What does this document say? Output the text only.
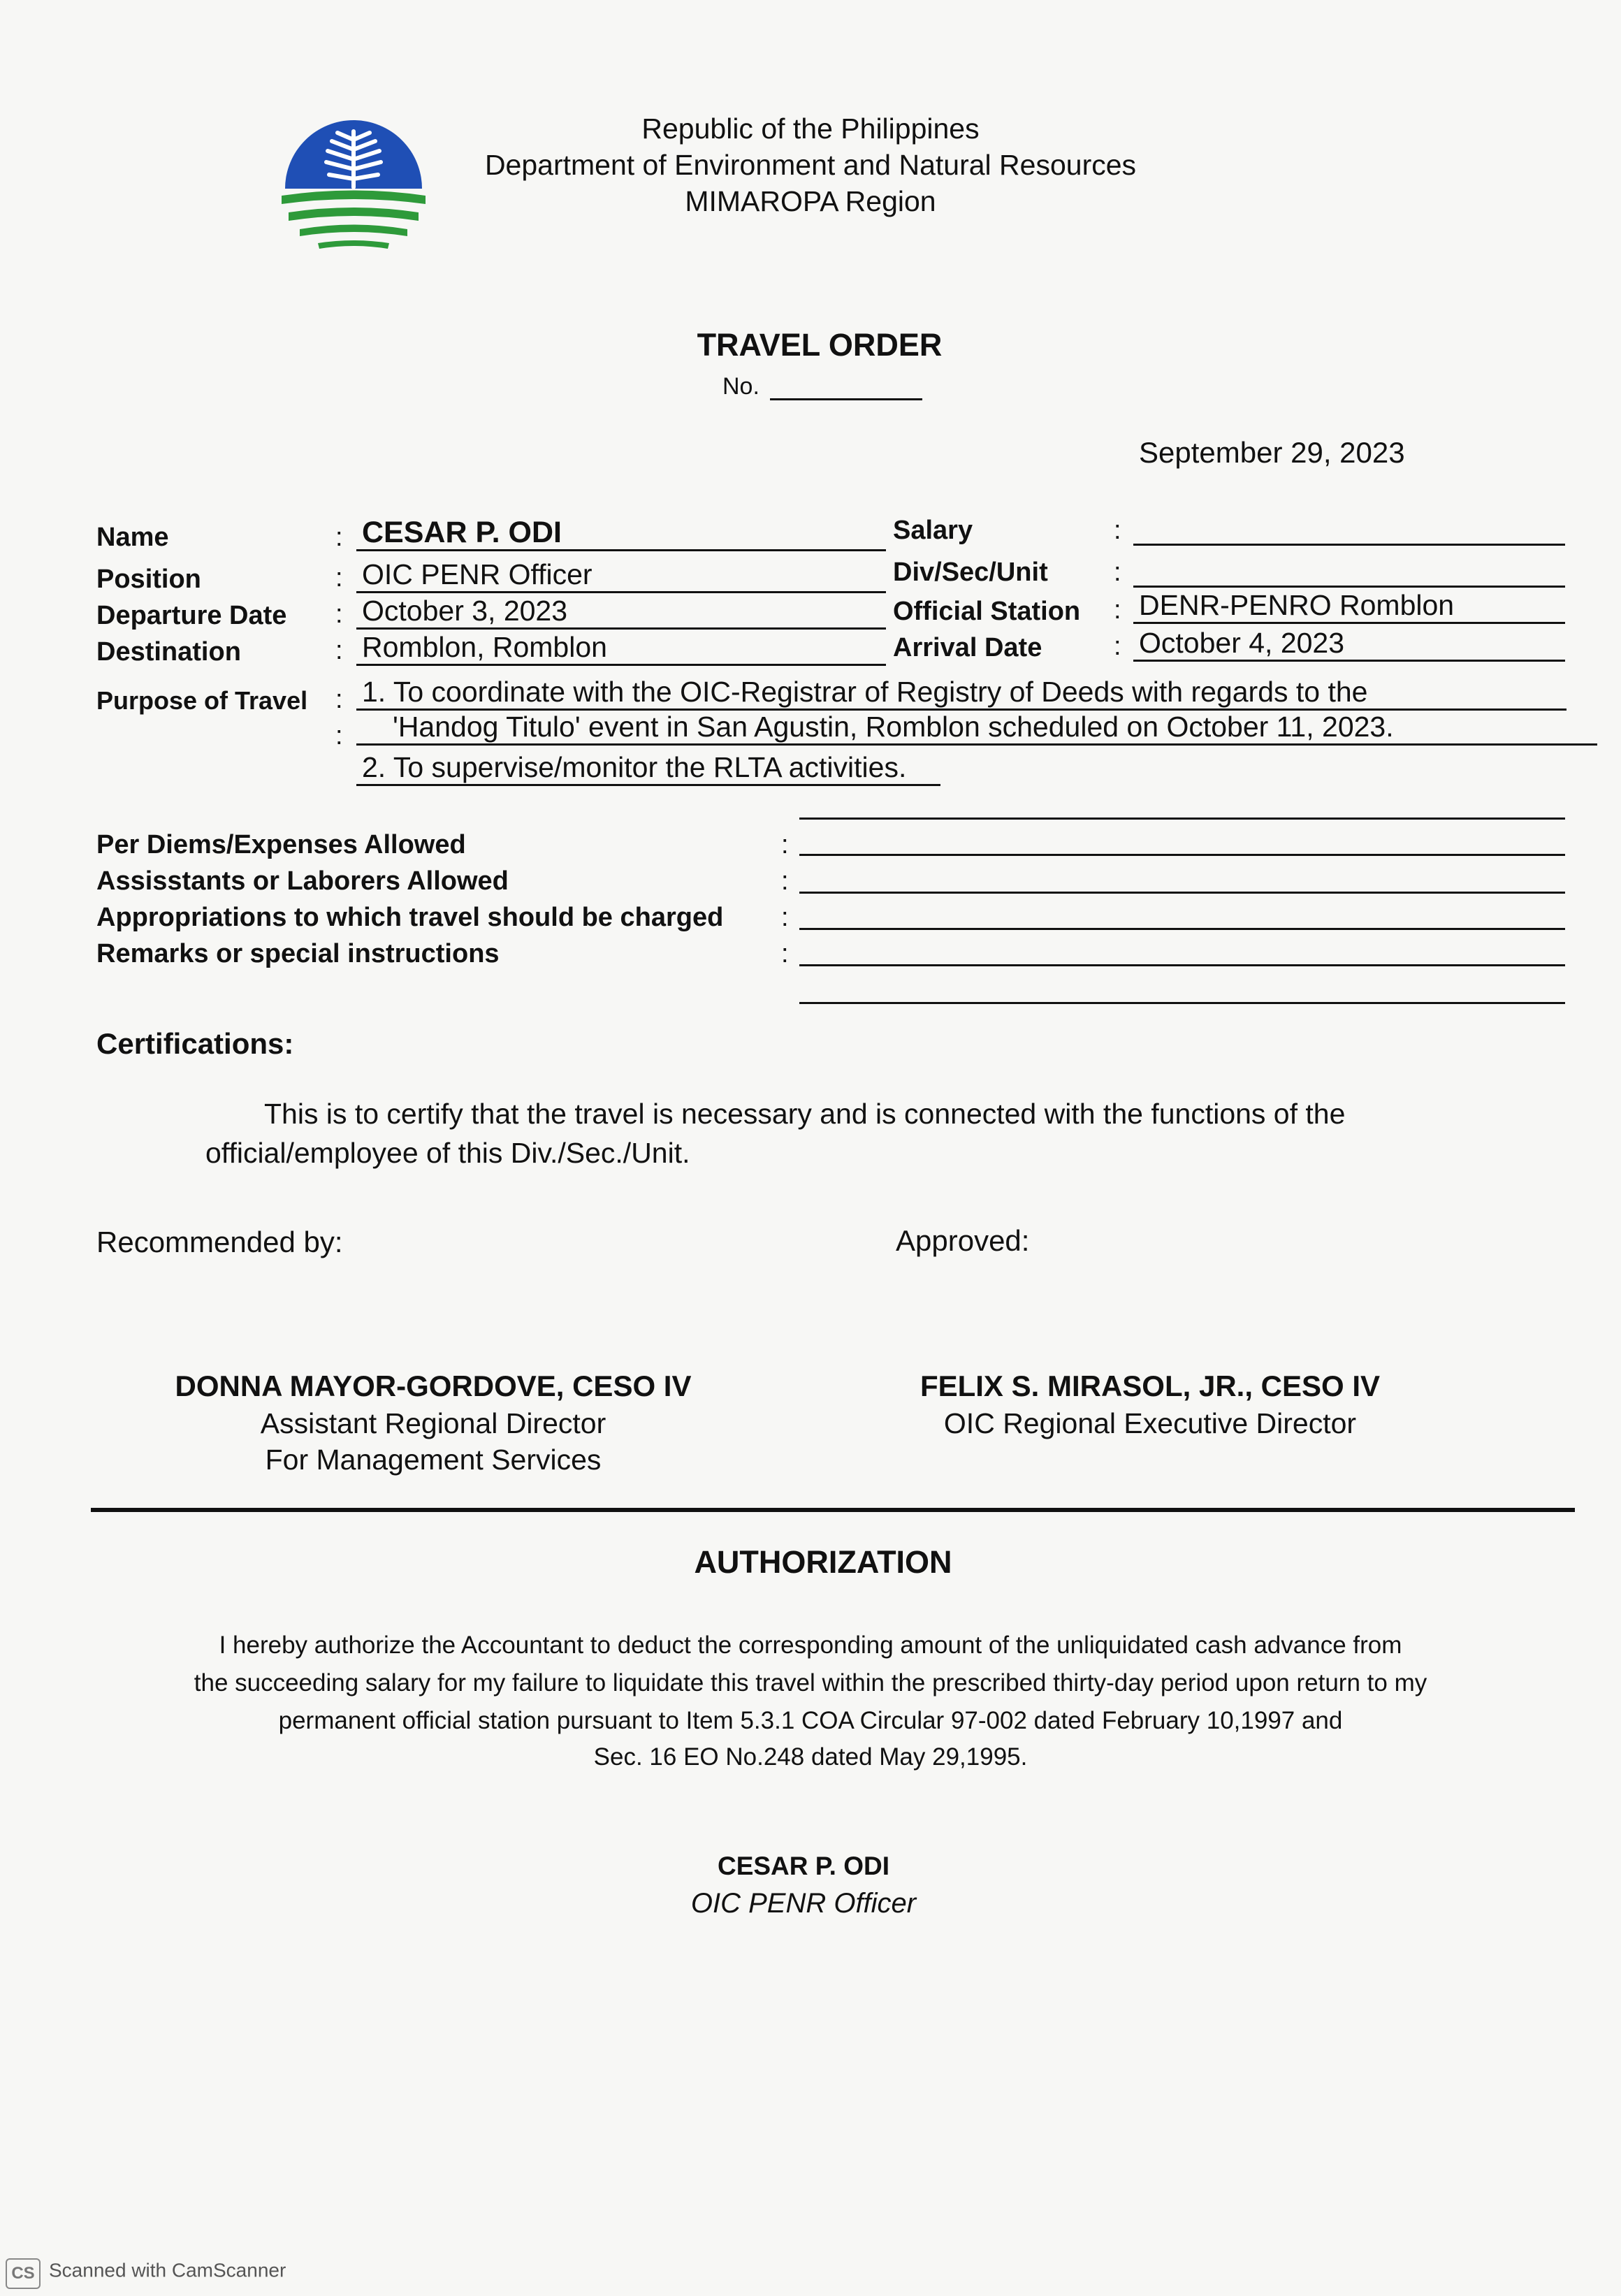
Republic of the Philippines
Department of Environment and Natural Resources
MIMAROPA Region
TRAVEL ORDER
No.
September 29, 2023
Name	: CESAR P. ODI
Position	: OIC PENR Officer
Departure Date : October 3, 2023
Destination	: Romblon, Romblon
Salary	:
Div/Sec/Unit :
Official Station : DENR-PENRO Romblon
Arrival Date	: October 4, 2023
Purpose of Travel : 1. To coordinate with the OIC-Registrar of Registry of Deeds with regards to the
:	'Handog Titulo' event in San Agustin, Romblon scheduled on October 11, 2023.
2. To supervise/monitor the RLTA activities.
Per Diems/Expenses Allowed	:
Assisstants or Laborers Allowed	:
Appropriations to which travel should be charged :
Remarks or special instructions	:
Certifications:
This is to certify that the travel is necessary and is connected with the functions of the
official/employee of this Div./Sec./Unit.
Recommended by:	Approved:
DONNA MAYOR-GORDOVE, CESO IV
Assistant Regional Director
For Management Services
FELIX S. MIRASOL, JR., CESO IV
OIC Regional Executive Director
AUTHORIZATION
I hereby authorize the Accountant to deduct the corresponding amount of the unliquidated cash advance from
the succeeding salary for my failure to liquidate this travel within the prescribed thirty-day period upon return to my
permanent official station pursuant to Item 5.3.1 COA Circular 97-002 dated February 10,1997 and
Sec. 16 EO No.248 dated May 29,1995.
CESAR P. ODI
OIC PENR Officer
CS Scanned with CamScanner
